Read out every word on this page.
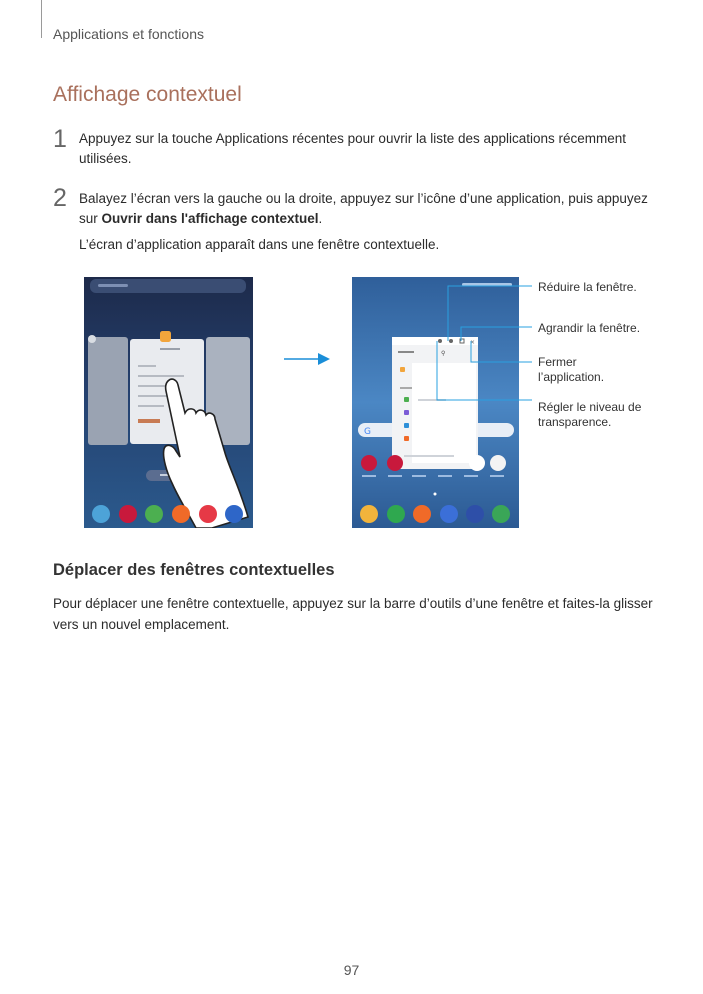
Applications et fonctions
Affichage contextuel
1 Appuyez sur la touche Applications récentes pour ouvrir la liste des applications récemment utilisées.
2 Balayez l’écran vers la gauche ou la droite, appuyez sur l’icône d’une application, puis appuyez sur Ouvrir dans l'affichage contextuel.
L’écran d’application apparaît dans une fenêtre contextuelle.
G
×
⚲
Réduire la fenêtre.
Agrandir la fenêtre.
Fermer l’application.
Régler le niveau de transparence.
Déplacer des fenêtres contextuelles
Pour déplacer une fenêtre contextuelle, appuyez sur la barre d’outils d’une fenêtre et faites-la glisser vers un nouvel emplacement.
97
